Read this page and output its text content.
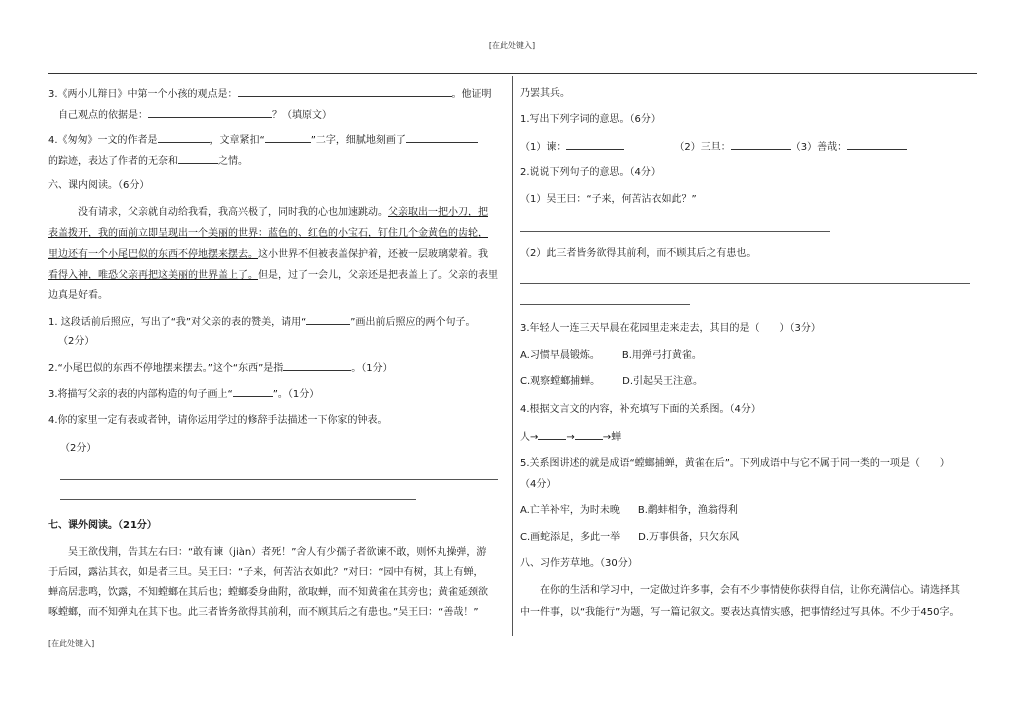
[在此处键入]
3.《两小儿辩日》中第一个小孩的观点是：	。他证明
自己观点的依据是：	？（填原文）
4.《匆匆》一文的作者是	，文章紧扣“	”二字，细腻地刻画了
的踪迹，表达了作者的无奈和	之情。
六、课内阅读。（6分）
没有请求，父亲就自动给我看，我高兴极了，同时我的心也加速跳动。父亲取出一把小刀，把
表盖拨开，我的面前立即呈现出一个美丽的世界：蓝色的、红色的小宝石，钉住几个金黄色的齿轮，
里边还有一个小尾巴似的东西不停地摆来摆去。这小世界不但被表盖保护着，还被一层玻璃蒙着。我
看得入神，唯恐父亲再把这美丽的世界盖上了。但是，过了一会儿，父亲还是把表盖上了。父亲的表里
边真是好看。
1. 这段话前后照应，写出了“我”对父亲的表的赞美，请用“	”画出前后照应的两个句子。
（2分）
2.“小尾巴似的东西不停地摆来摆去。”这个“东西”是指	。（1分）
3.将描写父亲的表的内部构造的句子画上“	”。（1分）
4.你的家里一定有表或者钟，请你运用学过的修辞手法描述一下你家的钟表。
（2分）
七、课外阅读。（21分）
吴王欲伐荆，告其左右曰：“敢有谏（jiàn）者死！”舍人有少孺子者欲谏不敢，则怀丸操弹，游
于后园，露沾其衣，如是者三旦。吴王曰：“子来，何苦沾衣如此？”对曰：“园中有树，其上有蝉，
蝉高居悲鸣，饮露，不知螳螂在其后也；螳螂委身曲附，欲取蝉，而不知黄雀在其旁也；黄雀延颈欲
啄螳螂，而不知弹丸在其下也。此三者皆务欲得其前利，而不顾其后之有患也。”吴王曰：“善哉！”
乃罢其兵。
1.写出下列字词的意思。（6分）
（1）谏：	（2）三旦：	（3）善哉：
2.说说下列句子的意思。（4分）
（1）吴王曰：“子来，何苦沾衣如此？”
（2）此三者皆务欲得其前利，而不顾其后之有患也。
3.年轻人一连三天早晨在花园里走来走去，其目的是（　　）（3分）
A.习惯早晨锻炼。 B.用弹弓打黄雀。
C.观察螳螂捕蝉。 D.引起吴王注意。
4.根据文言文的内容，补充填写下面的关系图。（4分）
人→	→	→蝉
5.关系图讲述的就是成语“螳螂捕蝉，黄雀在后”。下列成语中与它不属于同一类的一项是（　　）
（4分）
A.亡羊补牢，为时未晚 B.鹬蚌相争，渔翁得利
C.画蛇添足，多此一举 D.万事俱备，只欠东风
八、习作芳草地。（30分）
在你的生活和学习中，一定做过许多事，会有不少事情使你获得自信，让你充满信心。请选择其
中一件事，以“我能行”为题，写一篇记叙文。要表达真情实感，把事情经过写具体。不少于450字。
[在此处键入]
